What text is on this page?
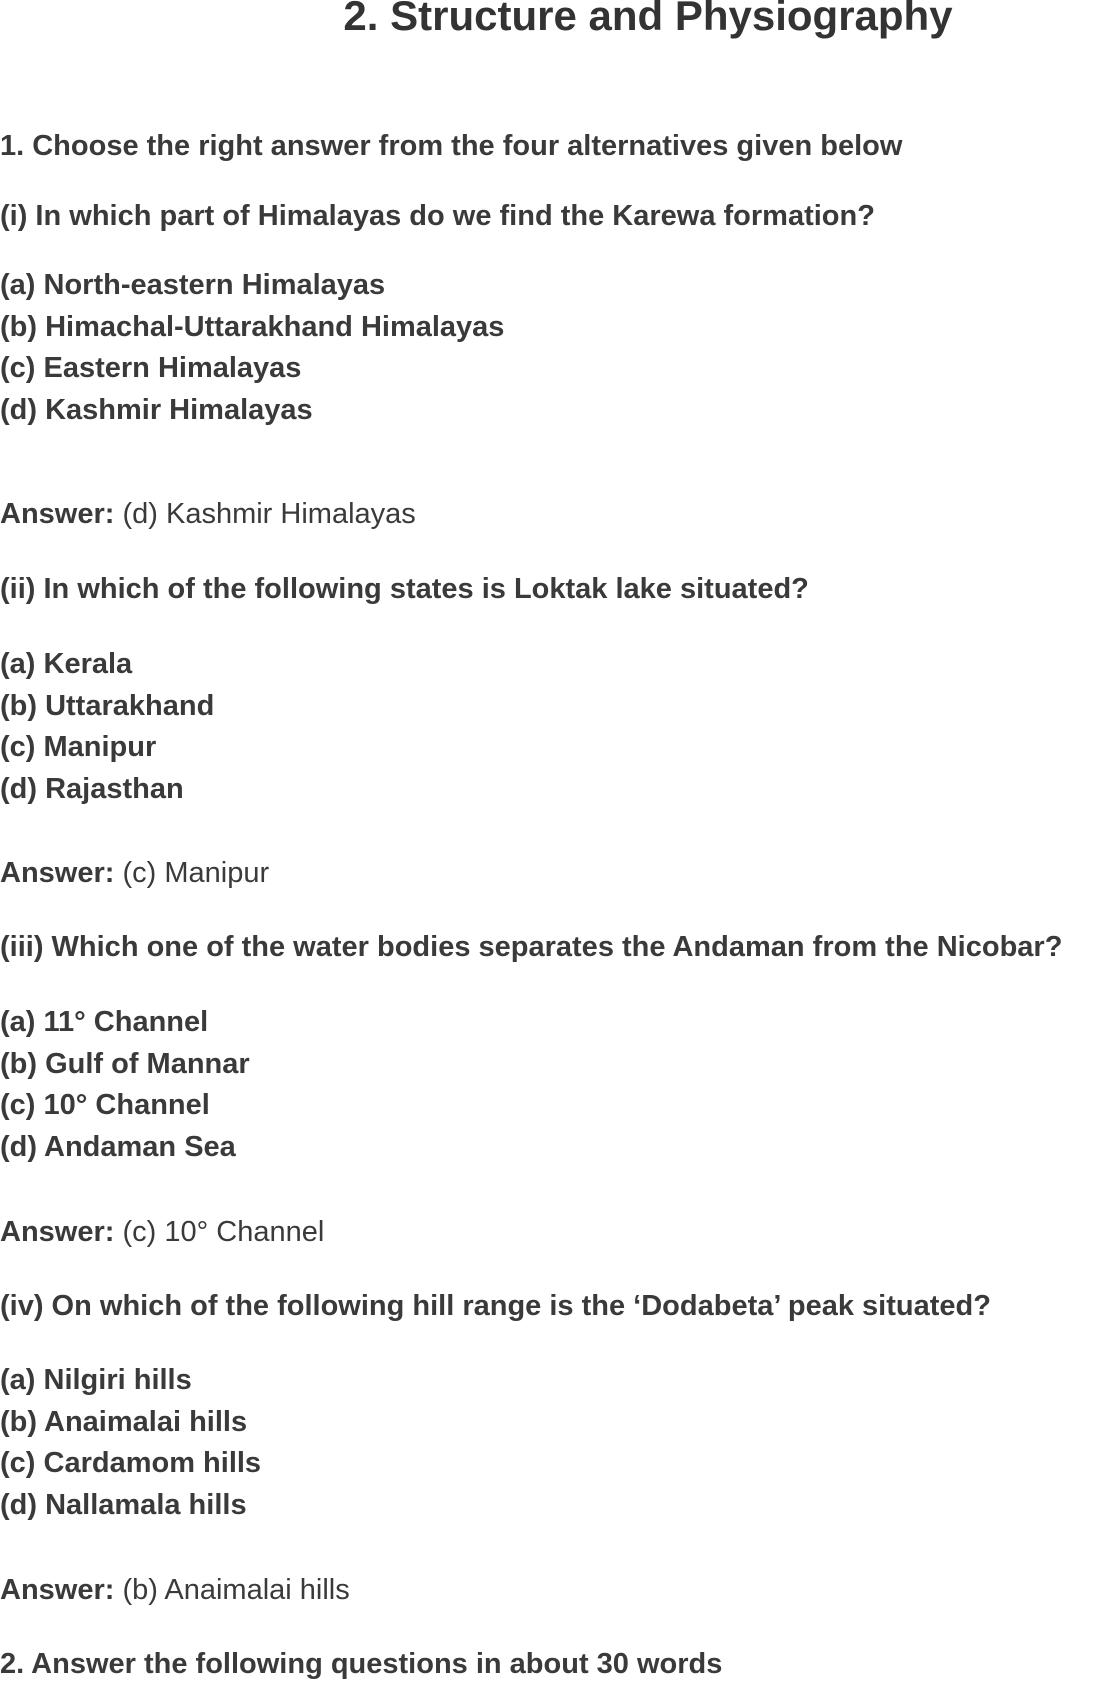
2. Structure and Physiography

1. Choose the right answer from the four alternatives given below

(i) In which part of Himalayas do we find the Karewa formation?

(a) North-eastern Himalayas
(b) Himachal-Uttarakhand Himalayas
(c) Eastern Himalayas
(d) Kashmir Himalayas

Answer: (d) Kashmir Himalayas

(ii) In which of the following states is Loktak lake situated?

(a) Kerala
(b) Uttarakhand
(c) Manipur
(d) Rajasthan

Answer: (c) Manipur

(iii) Which one of the water bodies separates the Andaman from the Nicobar?

(a) 11° Channel
(b) Gulf of Mannar
(c) 10° Channel
(d) Andaman Sea

Answer: (c) 10° Channel

(iv) On which of the following hill range is the ‘Dodabeta’ peak situated?

(a) Nilgiri hills
(b) Anaimalai hills
(c) Cardamom hills
(d) Nallamala hills

Answer: (b) Anaimalai hills

2. Answer the following questions in about 30 words
